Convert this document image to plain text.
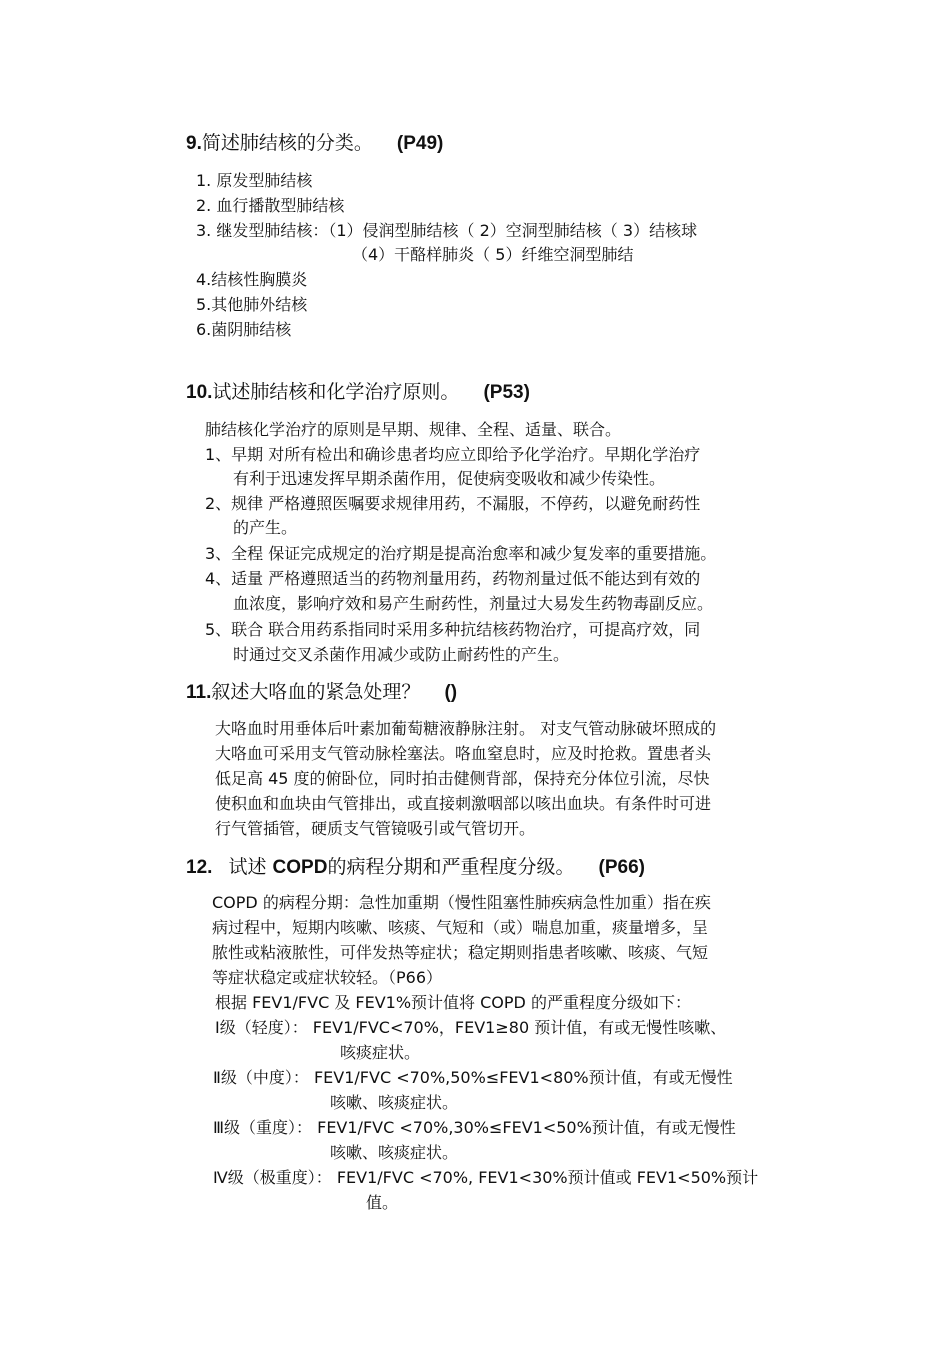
9.简述肺结核的分类。 (P49)
1. 原发型肺结核
2. 血行播散型肺结核
3. 继发型肺结核：（1）侵润型肺结核（ 2）空洞型肺结核（ 3）结核球
（4）干酪样肺炎（ 5）纤维空洞型肺结
4.结核性胸膜炎
5.其他肺外结核
6.菌阴肺结核
10.试述肺结核和化学治疗原则。 (P53)
肺结核化学治疗的原则是早期、规律、全程、适量、联合。
1、早期 对所有检出和确诊患者均应立即给予化学治疗。早期化学治疗
有利于迅速发挥早期杀菌作用，促使病变吸收和减少传染性。
2、规律 严格遵照医嘱要求规律用药，不漏服，不停药，以避免耐药性
的产生。
3、全程 保证完成规定的治疗期是提高治愈率和减少复发率的重要措施。
4、适量 严格遵照适当的药物剂量用药，药物剂量过低不能达到有效的
血浓度，影响疗效和易产生耐药性，剂量过大易发生药物毒副反应。
5、联合 联合用药系指同时采用多种抗结核药物治疗，可提高疗效，同
时通过交叉杀菌作用减少或防止耐药性的产生。
11.叙述大咯血的紧急处理？ ()
大咯血时用垂体后叶素加葡萄糖液静脉注射。 对支气管动脉破坏照成的
大咯血可采用支气管动脉栓塞法。咯血窒息时，应及时抢救。置患者头
低足高 45 度的俯卧位，同时拍击健侧背部，保持充分体位引流，尽快
使积血和血块由气管排出，或直接刺激咽部以咳出血块。有条件时可进
行气管插管，硬质支气管镜吸引或气管切开。
12. 试述 COPD的病程分期和严重程度分级。 (P66)
COPD 的病程分期：急性加重期（慢性阻塞性肺疾病急性加重）指在疾
病过程中，短期内咳嗽、咳痰、气短和（或）喘息加重，痰量增多，呈
脓性或粘液脓性，可伴发热等症状；稳定期则指患者咳嗽、咳痰、气短
等症状稳定或症状较轻。（P66）
根据 FEV1/FVC 及 FEV1%预计值将 COPD 的严重程度分级如下：
Ⅰ级（轻度）： FEV1/FVC<70%，FEV1≥80 预计值，有或无慢性咳嗽、
咳痰症状。
Ⅱ级（中度）： FEV1/FVC <70%,50%≤FEV1<80%预计值，有或无慢性
咳嗽、咳痰症状。
Ⅲ级（重度）： FEV1/FVC <70%,30%≤FEV1<50%预计值，有或无慢性
咳嗽、咳痰症状。
Ⅳ级（极重度）： FEV1/FVC <70%, FEV1<30%预计值或 FEV1<50%预计
值。
